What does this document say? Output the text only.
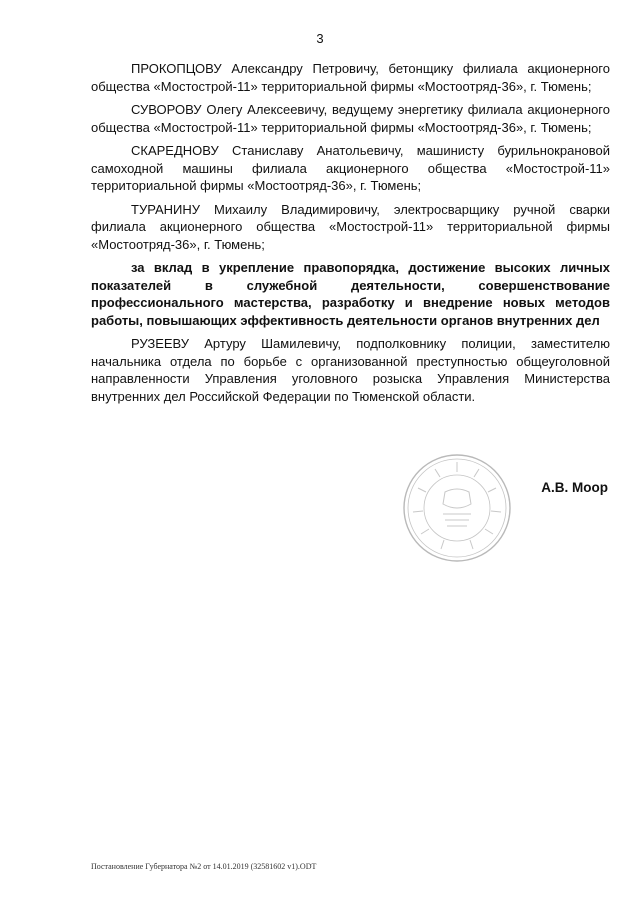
3

ПРОКОПЦОВУ Александру Петровичу, бетонщику филиала акционерного общества «Мостострой-11» территориальной фирмы «Мостоотряд-36», г. Тюмень;

СУВОРОВУ Олегу Алексеевичу, ведущему энергетику филиала акционерного общества «Мостострой-11» территориальной фирмы «Мостоотряд-36», г. Тюмень;

СКАРЕДНОВУ Станиславу Анатольевичу, машинисту бурильнокрановой самоходной машины филиала акционерного общества «Мостострой-11» территориальной фирмы «Мостоотряд-36», г. Тюмень;

ТУРАНИНУ Михаилу Владимировичу, электросварщику ручной сварки филиала акционерного общества «Мостострой-11» территориальной фирмы «Мостоотряд-36», г. Тюмень;

за вклад в укрепление правопорядка, достижение высоких личных показателей в служебной деятельности, совершенствование профессионального мастерства, разработку и внедрение новых методов работы, повышающих эффективность деятельности органов внутренних дел

РУЗЕЕВУ Артуру Шамилевичу, подполковнику полиции, заместителю начальника отдела по борьбе с организованной преступностью общеуголовной направленности Управления уголовного розыска Управления Министерства внутренних дел Российской Федерации по Тюменской области.

А.В. Моор
Постановление Губернатора №2 от 14.01.2019 (32581602 v1).ODT
